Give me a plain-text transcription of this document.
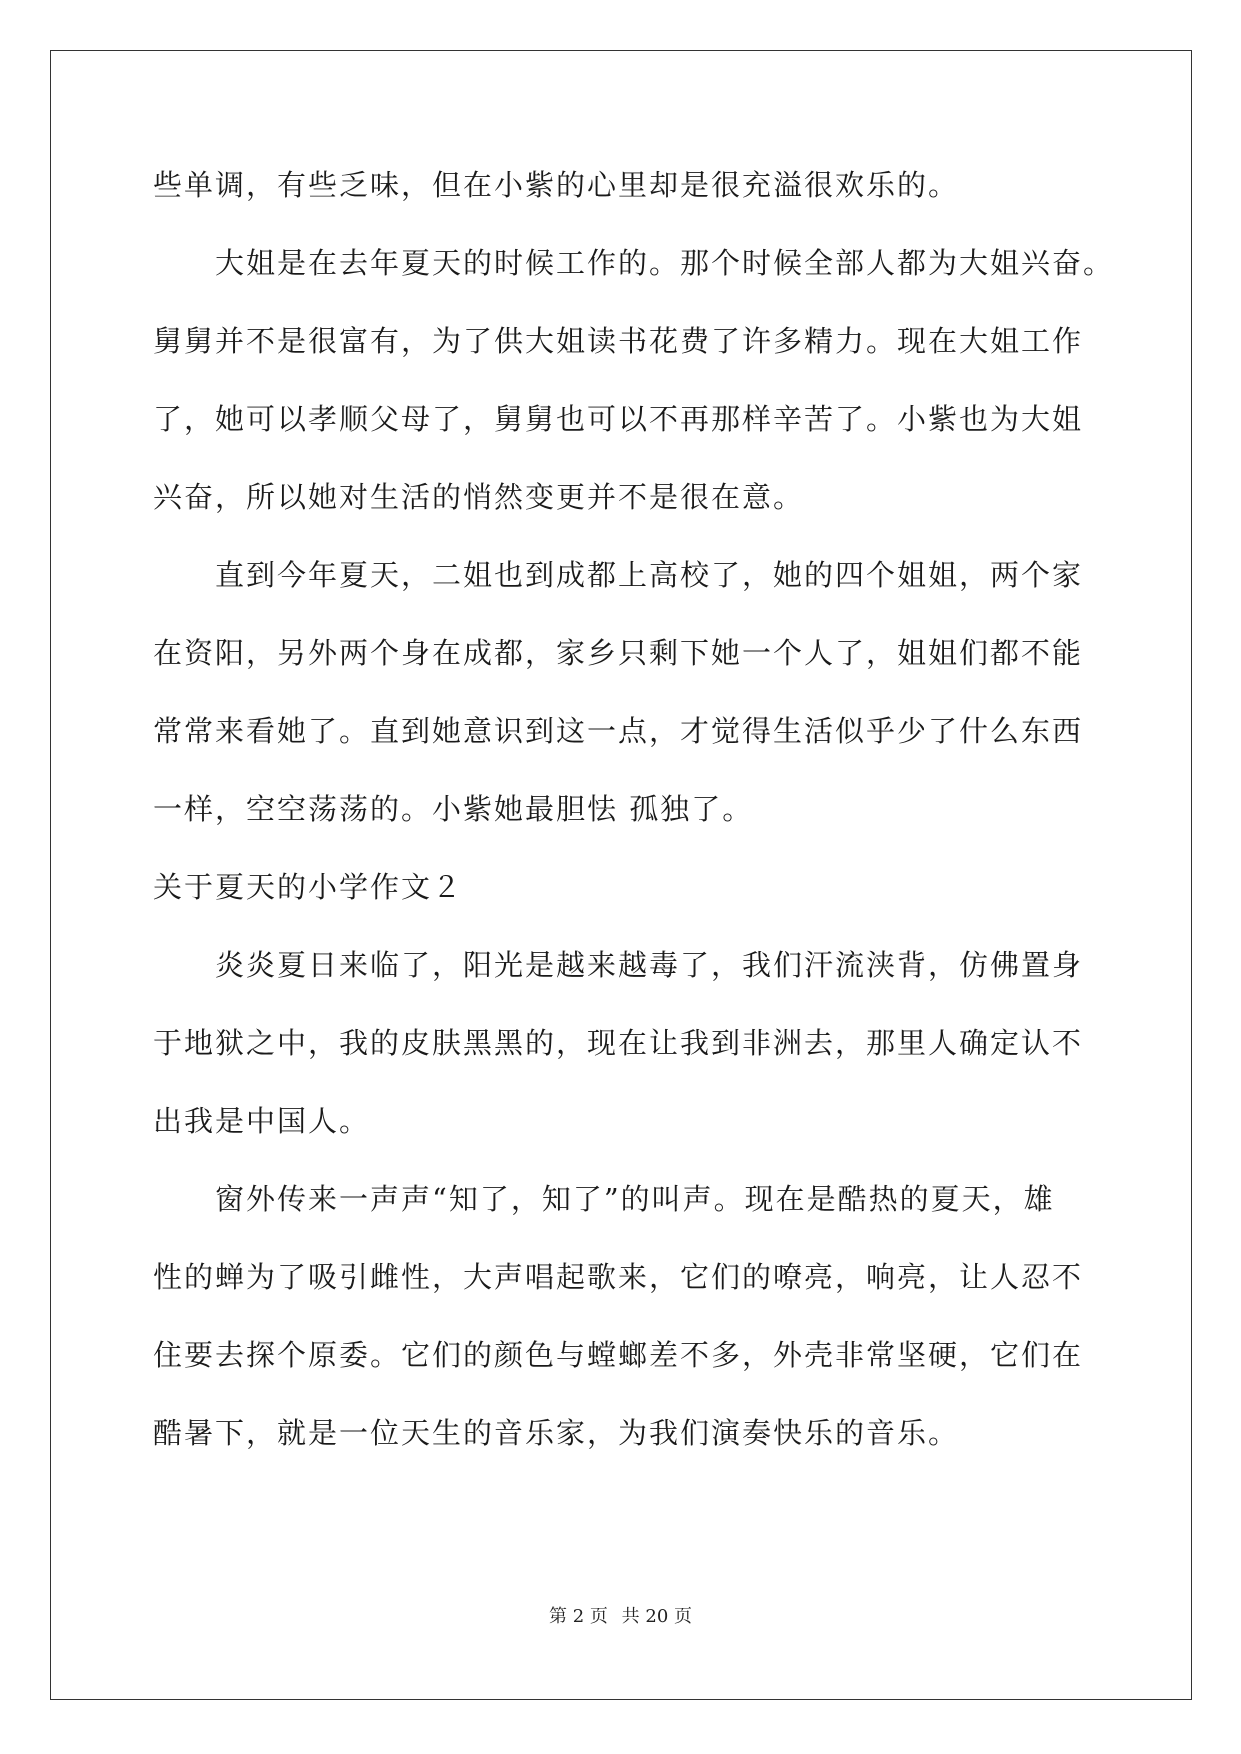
些单调，有些乏味，但在小紫的心里却是很充溢很欢乐的。
大姐是在去年夏天的时候工作的。那个时候全部人都为大姐兴奋。
舅舅并不是很富有，为了供大姐读书花费了许多精力。现在大姐工作
了，她可以孝顺父母了，舅舅也可以不再那样辛苦了。小紫也为大姐
兴奋，所以她对生活的悄然变更并不是很在意。
直到今年夏天，二姐也到成都上高校了，她的四个姐姐，两个家
在资阳，另外两个身在成都，家乡只剩下她一个人了，姐姐们都不能
常常来看她了。直到她意识到这一点，才觉得生活似乎少了什么东西
一样，空空荡荡的。小紫她最胆怯 孤独了。
关于夏天的小学作文２
炎炎夏日来临了，阳光是越来越毒了，我们汗流浃背，仿佛置身
于地狱之中，我的皮肤黑黑的，现在让我到非洲去，那里人确定认不
出我是中国人。
窗外传来一声声“知了，知了”的叫声。现在是酷热的夏天，雄
性的蝉为了吸引雌性，大声唱起歌来，它们的嘹亮，响亮，让人忍不
住要去探个原委。它们的颜色与螳螂差不多，外壳非常坚硬，它们在
酷暑下，就是一位天生的音乐家，为我们演奏快乐的音乐。
第 2 页 共 20 页
